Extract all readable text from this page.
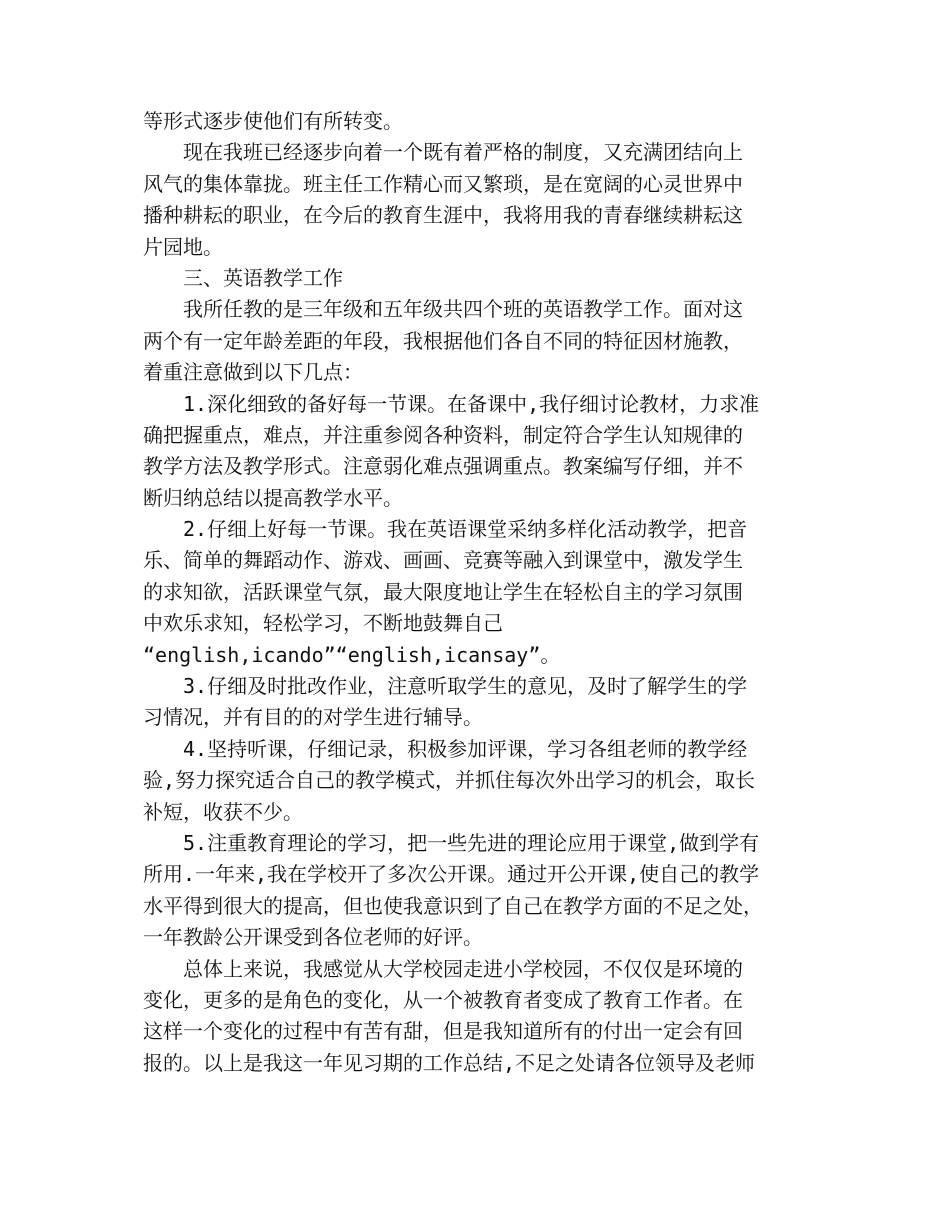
等形式逐步使他们有所转变。
现在我班已经逐步向着一个既有着严格的制度，又充满团结向上
风气的集体靠拢。班主任工作精心而又繁琐，是在宽阔的心灵世界中
播种耕耘的职业，在今后的教育生涯中，我将用我的青春继续耕耘这
片园地。
三、英语教学工作
我所任教的是三年级和五年级共四个班的英语教学工作。面对这
两个有一定年龄差距的年段，我根据他们各自不同的特征因材施教，
着重注意做到以下几点：
1.深化细致的备好每一节课。在备课中,我仔细讨论教材，力求准
确把握重点，难点，并注重参阅各种资料，制定符合学生认知规律的
教学方法及教学形式。注意弱化难点强调重点。教案编写仔细，并不
断归纳总结以提高教学水平。
2.仔细上好每一节课。我在英语课堂采纳多样化活动教学，把音
乐、简单的舞蹈动作、游戏、画画、竞赛等融入到课堂中，激发学生
的求知欲，活跃课堂气氛，最大限度地让学生在轻松自主的学习氛围
中欢乐求知，轻松学习，不断地鼓舞自己
“english,icando”“english,icansay”。
3.仔细及时批改作业，注意听取学生的意见，及时了解学生的学
习情况，并有目的的对学生进行辅导。
4.坚持听课，仔细记录，积极参加评课，学习各组老师的教学经
验,努力探究适合自己的教学模式，并抓住每次外出学习的机会，取长
补短，收获不少。
5.注重教育理论的学习，把一些先进的理论应用于课堂,做到学有
所用.一年来,我在学校开了多次公开课。通过开公开课,使自己的教学
水平得到很大的提高，但也使我意识到了自己在教学方面的不足之处，
一年教龄公开课受到各位老师的好评。
总体上来说，我感觉从大学校园走进小学校园，不仅仅是环境的
变化，更多的是角色的变化，从一个被教育者变成了教育工作者。在
这样一个变化的过程中有苦有甜，但是我知道所有的付出一定会有回
报的。以上是我这一年见习期的工作总结,不足之处请各位领导及老师
